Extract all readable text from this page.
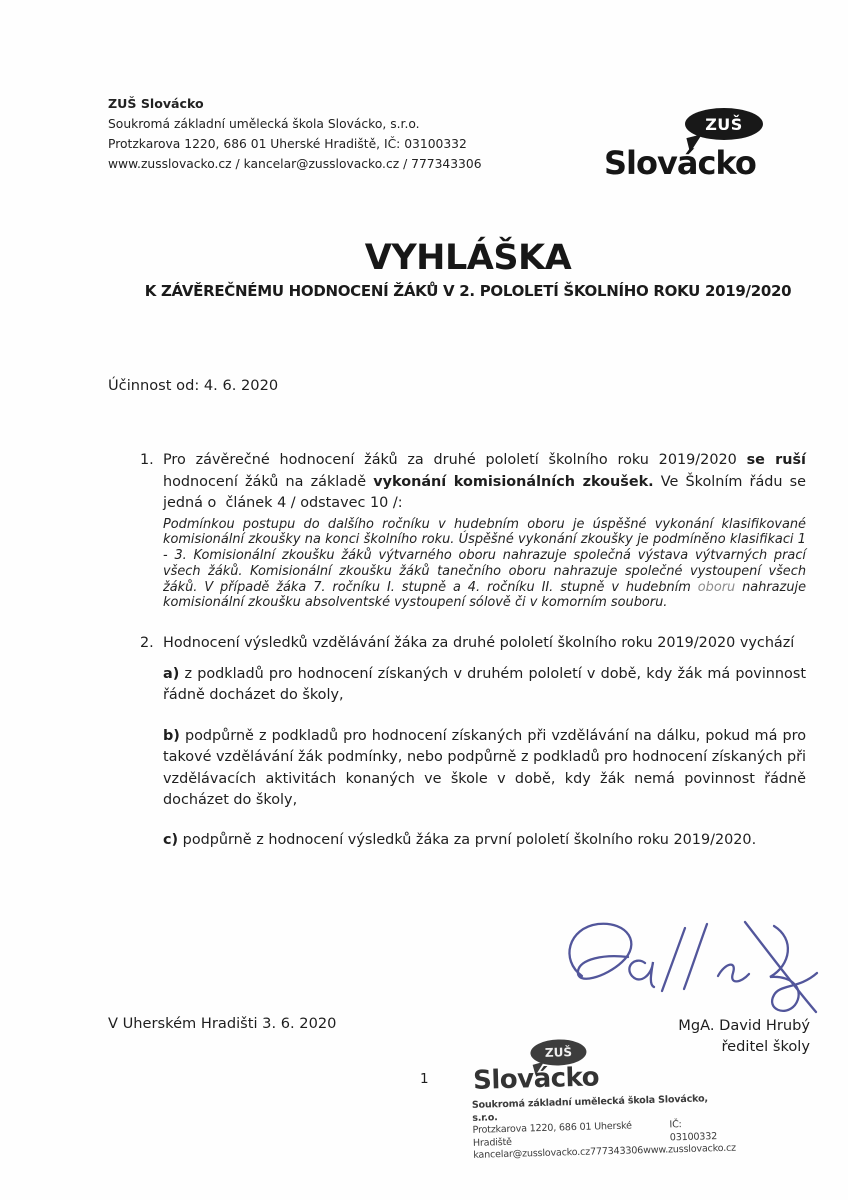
ZUŠ Slovácko
Soukromá základní umělecká škola Slovácko, s.r.o.
Protzkarova 1220, 686 01 Uherské Hradiště, IČ: 03100332
www.zusslovacko.cz / kancelar@zusslovacko.cz / 777343306
ZUŠ
Slovácko
VYHLÁŠKA
K ZÁVĚREČNÉMU HODNOCENÍ ŽÁKŮ V 2. POLOLETÍ ŠKOLNÍHO ROKU 2019/2020
Účinnost od: 4. 6. 2020
1. Pro závěrečné hodnocení žáků za druhé pololetí školního roku 2019/2020 se ruší hodnocení žáků na základě vykonání komisionálních zkoušek. Ve Školním řádu se jedná o  článek 4 / odstavec 10 /:

Podmínkou postupu do dalšího ročníku v hudebním oboru je úspěšné vykonání klasifikované komisionální zkoušky na konci školního roku. Úspěšné vykonání zkoušky je podmíněno klasifikaci 1 - 3. Komisionální zkoušku žáků výtvarného oboru nahrazuje společná výstava výtvarných prací všech žáků. Komisionální zkoušku žáků tanečního oboru nahrazuje společné vystoupení všech žáků. V případě žáka 7. ročníku I. stupně a 4. ročníku II. stupně v hudebním oboru nahrazuje komisionální zkoušku absolventské vystoupení sólově či v komorním souboru.

2. Hodnocení výsledků vzdělávání žáka za druhé pololetí školního roku 2019/2020 vychází

a) z podkladů pro hodnocení získaných v druhém pololetí v době, kdy žák má povinnost řádně docházet do školy,

b) podpůrně z podkladů pro hodnocení získaných při vzdělávání na dálku, pokud má pro takové vzdělávání žák podmínky, nebo podpůrně z podkladů pro hodnocení získaných při vzdělávacích aktivitách konaných ve škole v době, kdy žák nemá povinnost řádně docházet do školy,

c) podpůrně z hodnocení výsledků žáka za první pololetí školního roku 2019/2020.

V Uherském Hradišti 3. 6. 2020	MgA. David Hrubý
ředitel školy
1
ZUŠ
Slovácko
Soukromá základní umělecká škola Slovácko, s.r.o.
Protzkarova 1220, 686 01 Uherské Hradiště
IČ: 03100332
kancelar@zusslovacko.cz 777343306 www.zusslovacko.cz
